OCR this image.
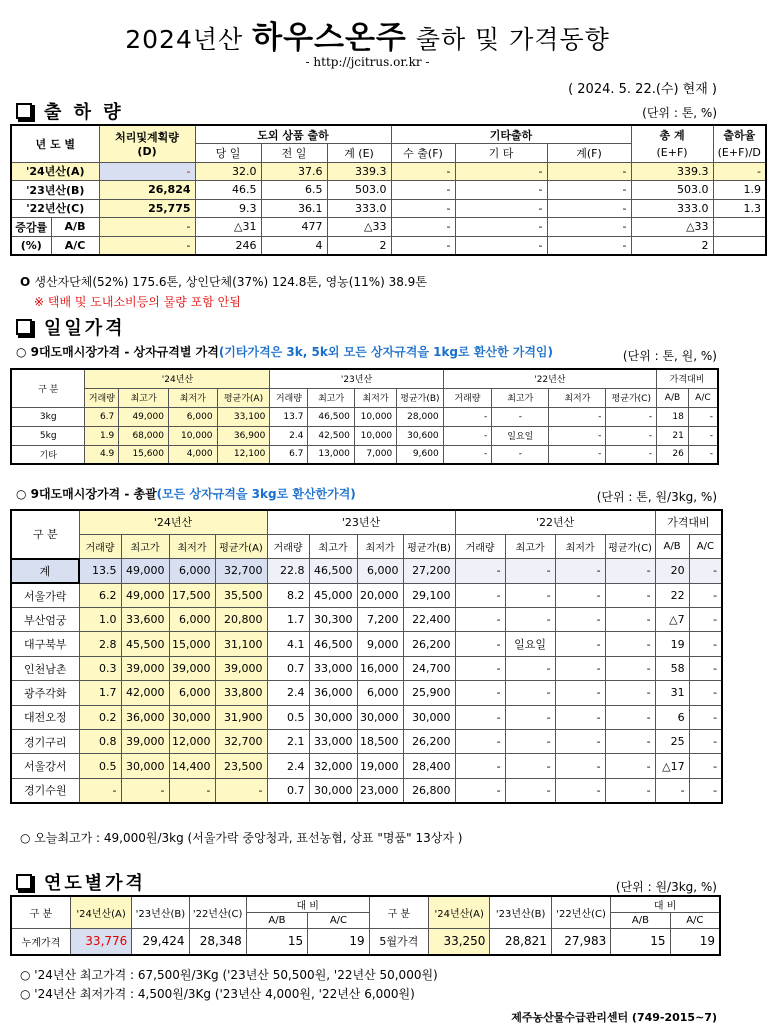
2024년산 하우스온주 출하 및 가격동향
- http://jcitrus.or.kr -
( 2024. 5. 22.(수) 현재 )
출 하 량	(단위 : 톤, %)
년 도 별		처리및계획량
(D)	도외 상품 출하			기타출하			총 계	출하율
			당 일	전 일	계 (E)	수 출(F)	기 타	계(F)	(E+F)	(E+F)/D
'24년산(A)		-	32.0	37.6	339.3	-	-	-	339.3	-
'23년산(B)		26,824	46.5	6.5	503.0	-	-	-	503.0	1.9
'22년산(C)		25,775	9.3	36.1	333.0	-	-	-	333.0	1.3
증감률	A/B	-	△31	477	△33	-	-	-	△33	
(%)	A/C	-	246	4	2	-	-	-	2	
O 생산자단체(52%) 175.6톤, 상인단체(37%) 124.8톤, 영농(11%) 38.9톤
※ 택배 및 도내소비등의 물량 포함 안됨
일일가격
○ 9대도매시장가격 - 상자규격별 가격(기타가격은 3k, 5k외 모든 상자규격을 1kg로 환산한 가격임)	(단위 : 톤, 원, %)
구 분	'24년산				'23년산				'22년산				가격대비	
	거래량	최고가	최저가	평균가(A)	거래량	최고가	최저가	평균가(B)	거래량	최고가	최저가	평균가(C)	A/B	A/C
3kg	6.7	49,000	6,000	33,100	13.7	46,500	10,000	28,000	-	-	-	-	18	-
5kg	1.9	68,000	10,000	36,900	2.4	42,500	10,000	30,600	-	일요일	-	-	21	-
기타	4.9	15,600	4,000	12,100	6.7	13,000	7,000	9,600	-	-	-	-	26	-
○ 9대도매시장가격 - 총괄(모든 상자규격을 3kg로 환산한가격)	(단위 : 톤, 원/3kg, %)
구 분	'24년산				'23년산				'22년산				가격대비	
	거래량	최고가	최저가	평균가(A)	거래량	최고가	최저가	평균가(B)	거래량	최고가	최저가	평균가(C)	A/B	A/C
계	13.5	49,000	6,000	32,700	22.8	46,500	6,000	27,200	-	-	-	-	20	-
서울가락	6.2	49,000	17,500	35,500	8.2	45,000	20,000	29,100	-	-	-	-	22	-
부산엄궁	1.0	33,600	6,000	20,800	1.7	30,300	7,200	22,400	-	-	-	-	△7	-
대구북부	2.8	45,500	15,000	31,100	4.1	46,500	9,000	26,200	-	일요일	-	-	19	-
인천남촌	0.3	39,000	39,000	39,000	0.7	33,000	16,000	24,700	-	-	-	-	58	-
광주각화	1.7	42,000	6,000	33,800	2.4	36,000	6,000	25,900	-	-	-	-	31	-
대전오정	0.2	36,000	30,000	31,900	0.5	30,000	30,000	30,000	-	-	-	-	6	-
경기구리	0.8	39,000	12,000	32,700	2.1	33,000	18,500	26,200	-	-	-	-	25	-
서울강서	0.5	30,000	14,400	23,500	2.4	32,000	19,000	28,400	-	-	-	-	△17	-
경기수원	-	-	-	-	0.7	30,000	23,000	26,800	-	-	-	-	-	-
○ 오늘최고가 : 49,000원/3kg (서울가락 중앙청과, 표선농협, 상표 "명품" 13상자 )
연도별가격	(단위 : 원/3kg, %)
구 분	'24년산(A)	'23년산(B)	'22년산(C)	대 비		구 분	'24년산(A)	'23년산(B)	'22년산(C)	대 비	
				A/B	A/C					A/B	A/C
누계가격	33,776	29,424	28,348	15	19	5월가격	33,250	28,821	27,983	15	19
○ '24년산 최고가격 : 67,500원/3Kg ('23년산 50,500원, '22년산 50,000원)
○ '24년산 최저가격 : 4,500원/3Kg ('23년산 4,000원, '22년산 6,000원)
제주농산물수급관리센터 (749-2015~7)
